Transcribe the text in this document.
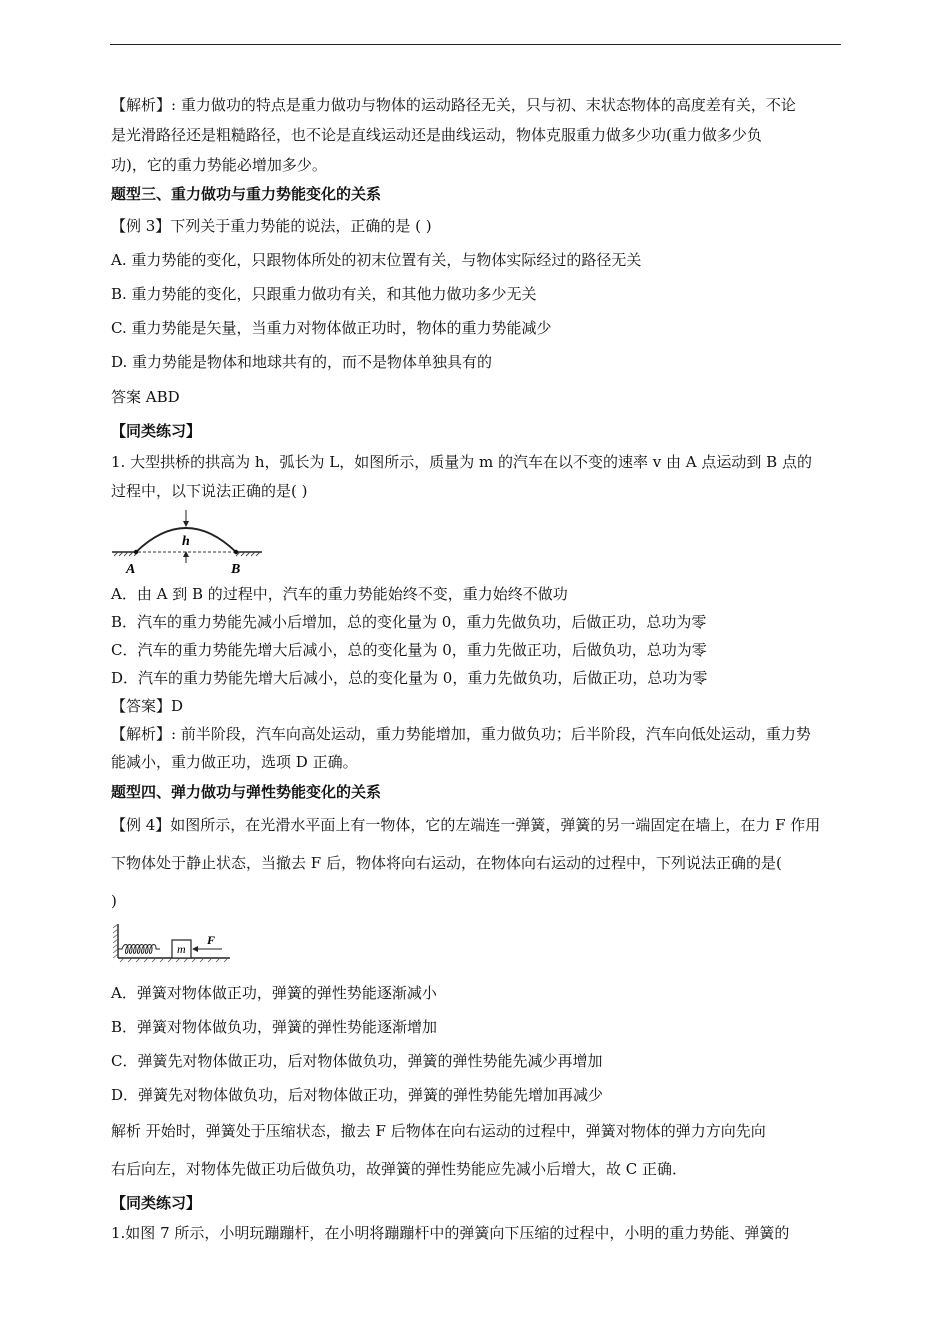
【解析】: 重力做功的特点是重力做功与物体的运动路径无关，只与初、末状态物体的高度差有关，不论
是光滑路径还是粗糙路径，也不论是直线运动还是曲线运动，物体克服重力做多少功(重力做多少负
功)，它的重力势能必增加多少。
题型三、重力做功与重力势能变化的关系
【例 3】下列关于重力势能的说法，正确的是 ( )
A. 重力势能的变化，只跟物体所处的初末位置有关，与物体实际经过的路径无关
B. 重力势能的变化，只跟重力做功有关，和其他力做功多少无关
C. 重力势能是矢量，当重力对物体做正功时，物体的重力势能减少
D. 重力势能是物体和地球共有的，而不是物体单独具有的
答案 ABD
【同类练习】
1. 大型拱桥的拱高为 h，弧长为 L，如图所示，质量为 m 的汽车在以不变的速率 v 由 A 点运动到 B 点的
过程中，以下说法正确的是( )
A．由 A 到 B 的过程中，汽车的重力势能始终不变，重力始终不做功
B．汽车的重力势能先减小后增加，总的变化量为 0，重力先做负功，后做正功，总功为零
C．汽车的重力势能先增大后减小，总的变化量为 0，重力先做正功，后做负功，总功为零
D．汽车的重力势能先增大后减小，总的变化量为 0，重力先做负功，后做正功，总功为零
【答案】D
【解析】: 前半阶段，汽车向高处运动，重力势能增加，重力做负功；后半阶段，汽车向低处运动，重力势
能减小，重力做正功，选项 D 正确。
题型四、弹力做功与弹性势能变化的关系
【例 4】如图所示，在光滑水平面上有一物体，它的左端连一弹簧，弹簧的另一端固定在墙上，在力 F 作用
下物体处于静止状态，当撤去 F 后，物体将向右运动，在物体向右运动的过程中，下列说法正确的是(
)
A．弹簧对物体做正功，弹簧的弹性势能逐渐减小
B．弹簧对物体做负功，弹簧的弹性势能逐渐增加
C．弹簧先对物体做正功，后对物体做负功，弹簧的弹性势能先减少再增加
D．弹簧先对物体做负功，后对物体做正功，弹簧的弹性势能先增加再减少
解析 开始时，弹簧处于压缩状态，撤去 F 后物体在向右运动的过程中，弹簧对物体的弹力方向先向
右后向左，对物体先做正功后做负功，故弹簧的弹性势能应先减小后增大，故 C 正确．
【同类练习】
1.如图 7 所示，小明玩蹦蹦杆，在小明将蹦蹦杆中的弹簧向下压缩的过程中，小明的重力势能、弹簧的
h
A	B
m
F
